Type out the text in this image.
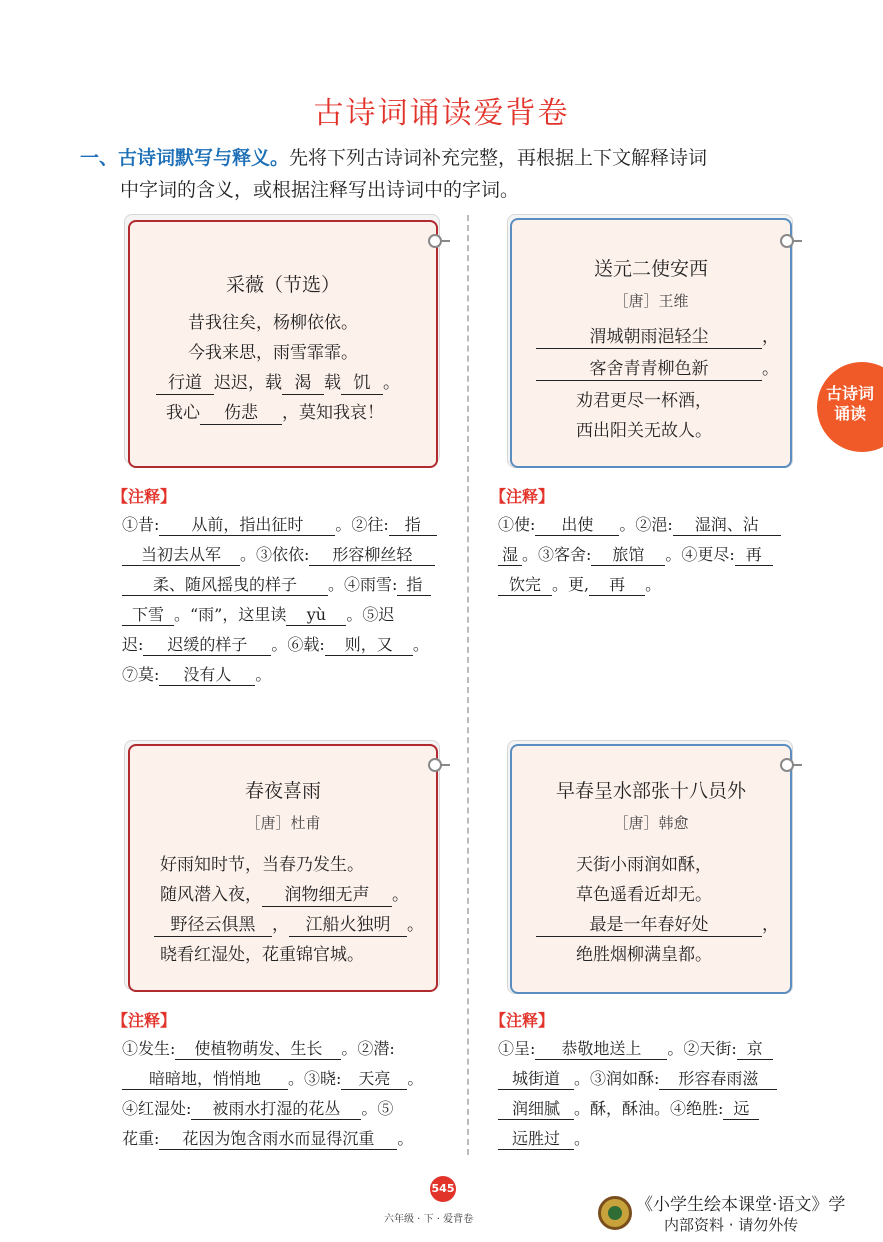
古诗词诵读爱背卷
一、古诗词默写与释义。先将下列古诗词补充完整，再根据上下文解释诗词
中字词的含义，或根据注释写出诗词中的字词。
古诗词
诵读
采薇（节选）
昔我往矣，杨柳依依。
今我来思，雨雪霏霏。
行道 迟迟，载 渴 载 饥 。
我心 伤悲 ，莫知我哀！
【注释】
①昔: 从前，指出征时 。②往: 指
当初去从军 。③依依: 形容柳丝轻
柔、随风摇曳的样子 。④雨雪: 指
下雪 。“雨”，这里读 yù 。⑤迟
迟: 迟缓的样子 。⑥载: 则，又 。
⑦莫: 没有人 。
送元二使安西
［唐］王维
渭城朝雨浥轻尘	，
客舍青青柳色新	。
劝君更尽一杯酒，
西出阳关无故人。
【注释】
①使: 出使 。②浥: 湿润、沾
湿 。③客舍: 旅馆 。④更尽: 再
饮完 。更, 再 。
春夜喜雨
［唐］杜甫
好雨知时节，当春乃发生。
随风潜入夜， 润物细无声 。
野径云俱黑 ， 江船火独明 。
晓看红湿处，花重锦官城。
【注释】
①发生: 使植物萌发、生长 。②潜:
暗暗地，悄悄地 。③晓: 天亮 。
④红湿处: 被雨水打湿的花丛 。⑤
花重: 花因为饱含雨水而显得沉重 。
早春呈水部张十八员外
［唐］韩愈
天街小雨润如酥，
草色遥看近却无。
最是一年春好处	，
绝胜烟柳满皇都。
【注释】
①呈: 恭敬地送上 。②天街: 京
城街道 。③润如酥: 形容春雨滋
润细腻 。酥，酥油。④绝胜: 远
远胜过 。
545
六年级 · 下 · 爱背卷
《小学生绘本课堂·语文》学
内部资料 · 请勿外传
